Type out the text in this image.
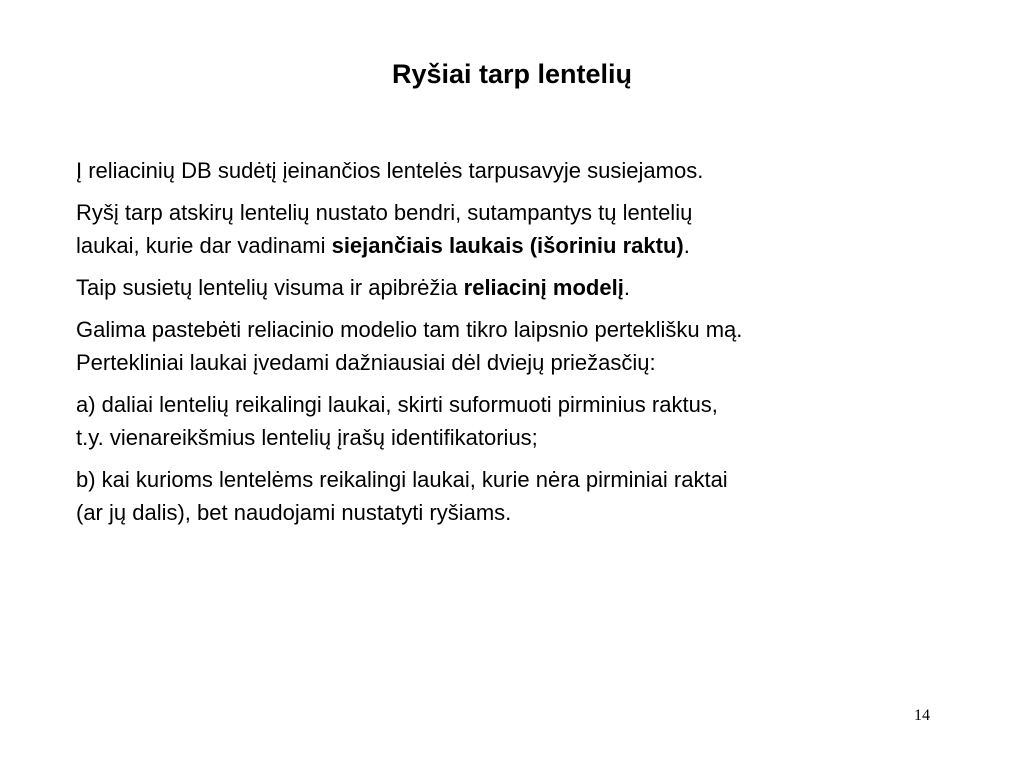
Ryšiai tarp lentelių

Į reliacinių DB sudėtį įeinančios lentelės tarpusavyje susiejamos.

Ryšį tarp atskirų lentelių nustato bendri, sutampantys tų lentelių
laukai, kurie dar vadinami siejančiais laukais (išoriniu raktu).

Taip susietų lentelių visuma ir apibrėžia reliacinį modelį.

Galima pastebėti reliacinio modelio tam tikro laipsnio perteklišku mą.
Pertekliniai laukai įvedami dažniausiai dėl dviejų priežasčių:

a) daliai lentelių reikalingi laukai, skirti suformuoti pirminius raktus,
t.y. vienareikšmius lentelių įrašų identifikatorius;

b) kai kurioms lentelėms reikalingi laukai, kurie nėra pirminiai raktai
(ar jų dalis), bet naudojami nustatyti ryšiams.

14
